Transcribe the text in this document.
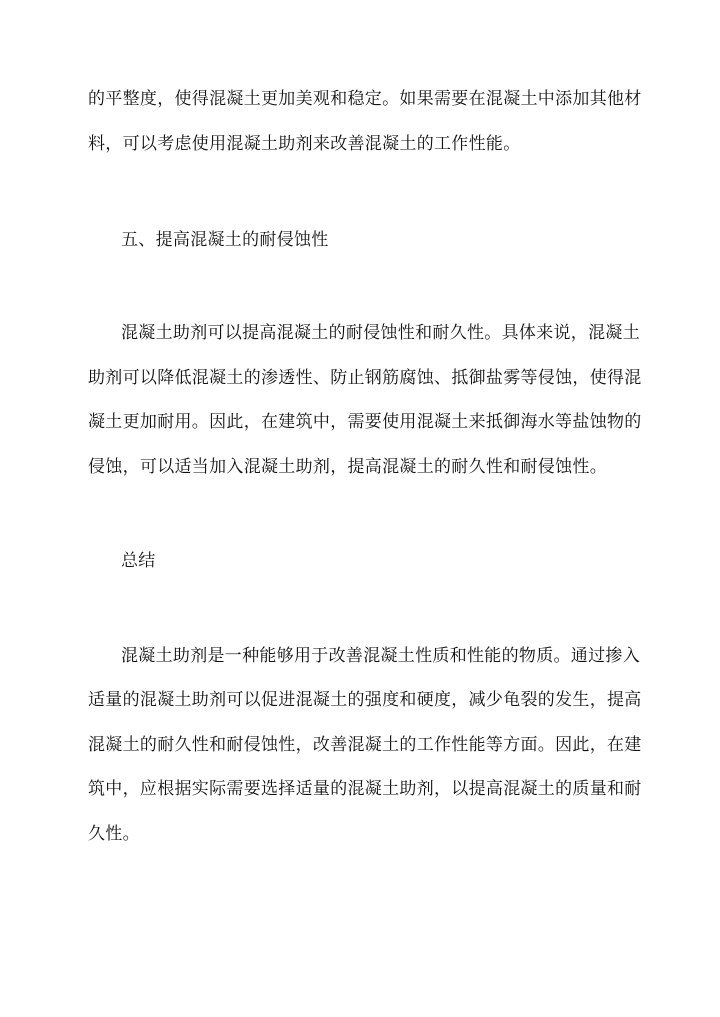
的平整度，使得混凝土更加美观和稳定。如果需要在混凝土中添加其他材
料，可以考虑使用混凝土助剂来改善混凝土的工作性能。
五、提高混凝土的耐侵蚀性
混凝土助剂可以提高混凝土的耐侵蚀性和耐久性。具体来说，混凝土
助剂可以降低混凝土的渗透性、防止钢筋腐蚀、抵御盐雾等侵蚀，使得混
凝土更加耐用。因此，在建筑中，需要使用混凝土来抵御海水等盐蚀物的
侵蚀，可以适当加入混凝土助剂，提高混凝土的耐久性和耐侵蚀性。
总结
混凝土助剂是一种能够用于改善混凝土性质和性能的物质。通过掺入
适量的混凝土助剂可以促进混凝土的强度和硬度，减少龟裂的发生，提高
混凝土的耐久性和耐侵蚀性，改善混凝土的工作性能等方面。因此，在建
筑中，应根据实际需要选择适量的混凝土助剂，以提高混凝土的质量和耐
久性。
